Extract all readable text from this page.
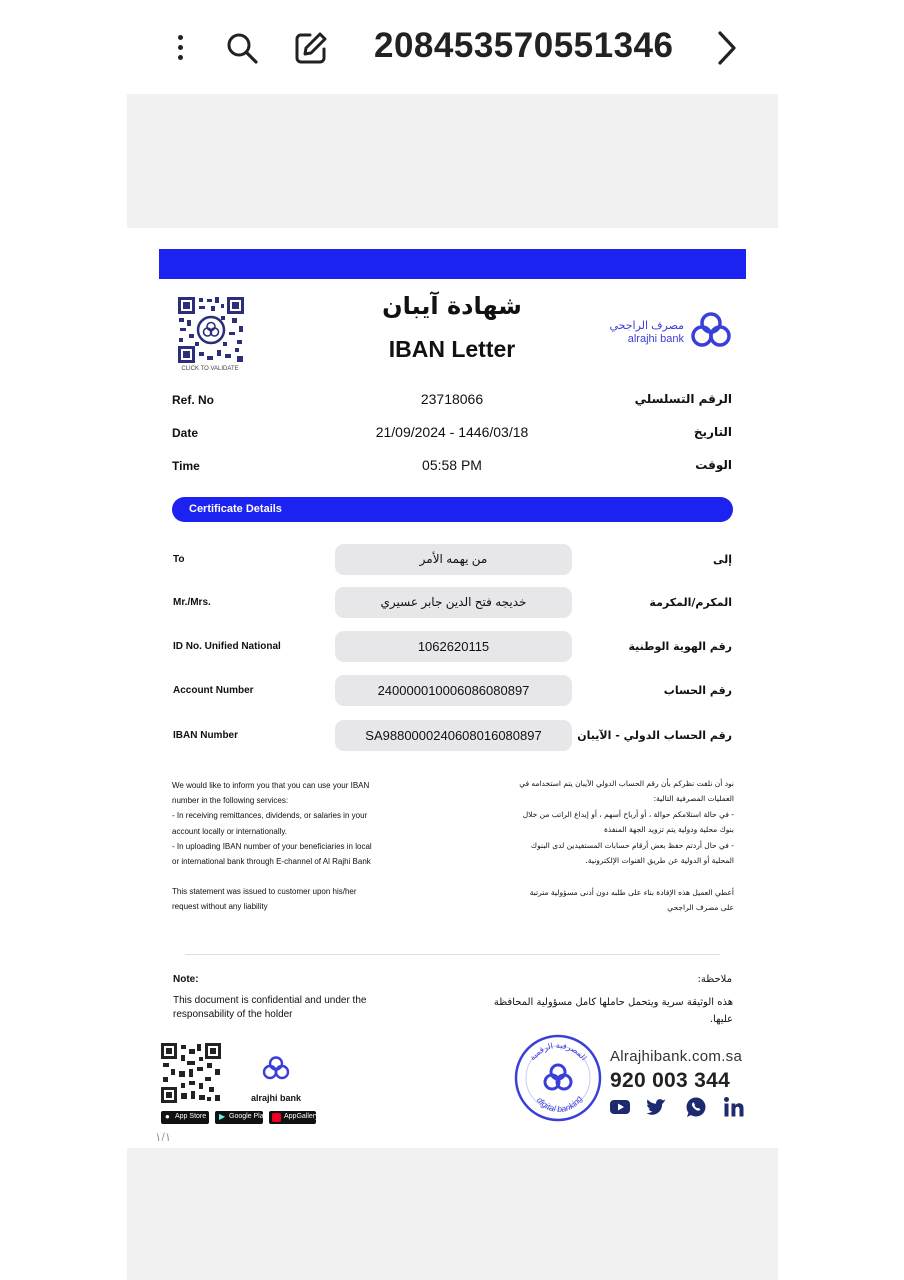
208453570551346
CLICK TO VALIDATE
شهادة آيبان
IBAN Letter
مصرف الراجحي
alrajhi bank
Ref. No	23718066	الرقم التسلسلي
Date	21/09/2024 - 1446/03/18	التاريخ
Time	05:58 PM	الوقت
Certificate Details
To	من يهمه الأمر	إلى
Mr./Mrs.	خديجه فتح الدين جابر عسيري	المكرم/المكرمة
ID No. Unified National	1062620115	رقم الهوية الوطنية
Account Number	240000010006086080897	رقم الحساب
IBAN Number	SA9880000240608016080897	رقم الحساب الدولي - الآيبان
We would like to inform you that you can use your IBAN
number in the following services:
- In receiving remittances, dividends, or salaries in your
account locally or internationally.
- In uploading IBAN number of your beneficiaries in local
or international bank through E-channel of Al Rajhi Bank
This statement was issued to customer upon his/her
request without any liability
نود أن نلفت نظركم بأن رقم الحساب الدولي الآيبان يتم استخدامه في
العمليات المصرفية التالية:
- في حالة استلامكم حوالة ، أو أرباح أسهم ، أو إيداع الراتب من خلال
بنوك محلية ودولية يتم تزويد الجهة المنفذة
- في حال أردتم حفظ بعض أرقام حسابات المستفيدين لدى البنوك
المحلية أو الدولية عن طريق القنوات الإلكترونية.
أعطي العميل هذه الإفادة بناء على طلبه دون أدنى مسؤولية مترتبة
على مصرف الراجحي
Note:
This document is confidential and under the responsability of the holder
ملاحظة:
هذه الوثيقة سرية ويتحمل حاملها كامل مسؤولية المحافظة عليها.
alrajhi bank
● App Store ▶ Google Play AppGallery
١/١
المصرفية الرقمية
digital banking
Alrajhibank.com.sa
920 003 344
